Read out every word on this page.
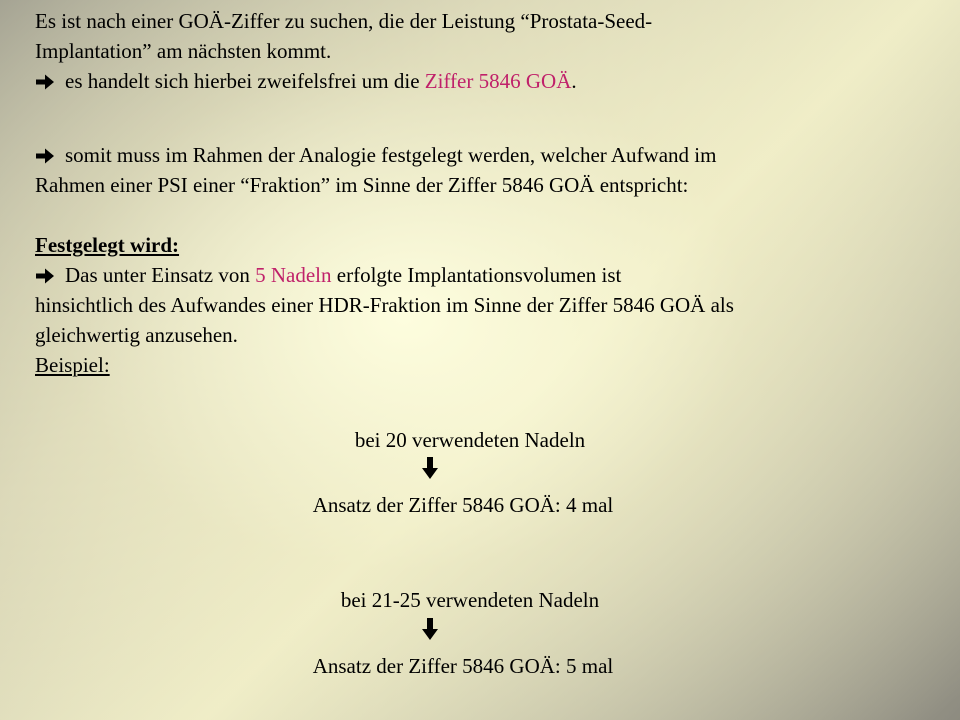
Es ist nach einer GOÄ-Ziffer zu suchen, die der Leistung “Prostata-Seed-
Implantation” am nächsten kommt.
es handelt sich hierbei zweifelsfrei um die Ziffer 5846 GOÄ.

somit muss im Rahmen der Analogie festgelegt werden, welcher Aufwand im
Rahmen einer PSI einer “Fraktion” im Sinne der Ziffer 5846 GOÄ entspricht:

Festgelegt wird:
Das unter Einsatz von 5 Nadeln erfolgte Implantationsvolumen ist
hinsichtlich des Aufwandes einer HDR-Fraktion im Sinne der Ziffer 5846 GOÄ als
gleichwertig anzusehen.
Beispiel:

bei 20 verwendeten Nadeln
Ansatz der Ziffer 5846 GOÄ: 4 mal
bei 21-25 verwendeten Nadeln
Ansatz der Ziffer 5846 GOÄ: 5 mal
